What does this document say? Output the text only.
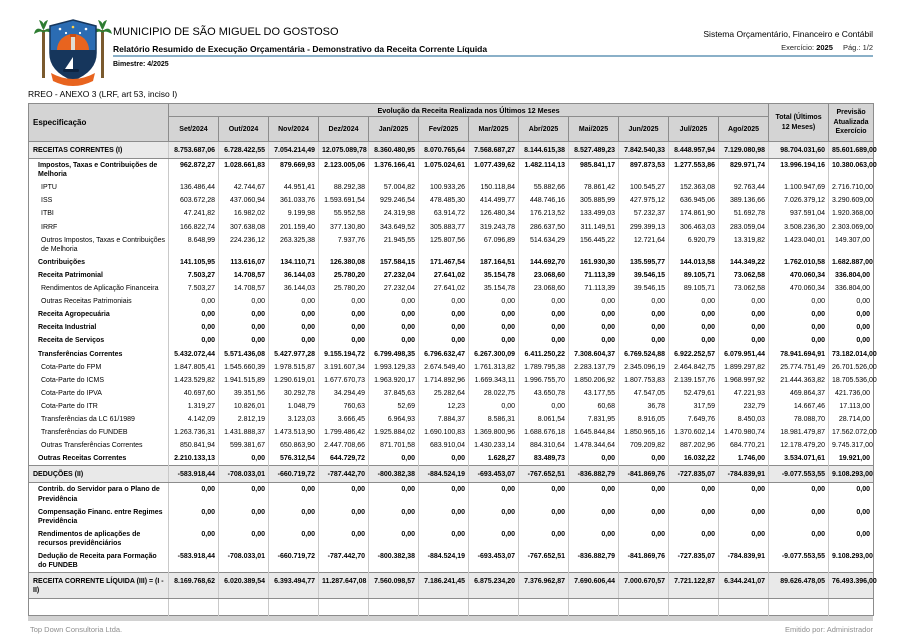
MUNICIPIO DE SÃO MIGUEL DO GOSTOSO
Relatório Resumido de Execução Orçamentária - Demonstrativo da Receita Corrente Líquida
Bimestre: 4/2025
Sistema Orçamentário, Financeiro e Contábil
Exercício: 2025 Pág.: 1/2
RREO - ANEXO 3 (LRF, art 53, inciso I)
Especificação	Evolução da Receita Realizada nos Últimos 12 Meses												Total (Últimos 12 Meses)	Previsão Atualizada Exercício
	Set/2024	Out/2024	Nov/2024	Dez/2024	Jan/2025	Fev/2025	Mar/2025	Abr/2025	Mai/2025	Jun/2025	Jul/2025	Ago/2025		
RECEITAS CORRENTES (I)	8.753.687,06	6.728.422,55	7.054.214,49	12.075.089,78	8.360.480,95	8.070.765,64	7.568.687,27	8.144.615,38	8.527.489,23	7.842.540,33	8.448.957,94	7.129.080,98	98.704.031,60	85.601.689,00
Impostos, Taxas e Contribuições de Melhoria	962.872,27	1.028.661,83	879.669,93	2.123.005,06	1.376.166,41	1.075.024,61	1.077.439,62	1.482.114,13	985.841,17	897.873,53	1.277.553,86	829.971,74	13.996.194,16	10.380.063,00
IPTU	136.486,44	42.744,67	44.951,41	88.292,38	57.004,82	100.933,26	150.118,84	55.882,66	78.861,42	100.545,27	152.363,08	92.763,44	1.100.947,69	2.716.710,00
ISS	603.672,28	437.060,94	361.033,76	1.593.691,54	929.246,54	478.485,30	414.499,77	448.746,16	305.885,99	427.975,12	636.945,06	389.136,66	7.026.379,12	3.290.609,00
ITBI	47.241,82	16.982,02	9.199,98	55.952,58	24.319,98	63.914,72	126.480,34	176.213,52	133.499,03	57.232,37	174.861,90	51.692,78	937.591,04	1.920.368,00
IRRF	166.822,74	307.638,08	201.159,40	377.130,80	343.649,52	305.883,77	319.243,78	286.637,50	311.149,51	299.399,13	306.463,03	283.059,04	3.508.236,30	2.303.069,00
Outros Impostos, Taxas e Contribuições de Melhoria	8.648,99	224.236,12	263.325,38	7.937,76	21.945,55	125.807,56	67.096,89	514.634,29	156.445,22	12.721,64	6.920,79	13.319,82	1.423.040,01	149.307,00
Contribuições	141.105,95	113.616,07	134.110,71	126.380,08	157.584,15	171.467,54	187.164,51	144.692,70	161.930,30	135.595,77	144.013,58	144.349,22	1.762.010,58	1.682.887,00
Receita Patrimonial	7.503,27	14.708,57	36.144,03	25.780,20	27.232,04	27.641,02	35.154,78	23.068,60	71.113,39	39.546,15	89.105,71	73.062,58	470.060,34	336.804,00
Rendimentos de Aplicação Financeira	7.503,27	14.708,57	36.144,03	25.780,20	27.232,04	27.641,02	35.154,78	23.068,60	71.113,39	39.546,15	89.105,71	73.062,58	470.060,34	336.804,00
Outras Receitas Patrimoniais	0,00	0,00	0,00	0,00	0,00	0,00	0,00	0,00	0,00	0,00	0,00	0,00	0,00	0,00
Receita Agropecuária	0,00	0,00	0,00	0,00	0,00	0,00	0,00	0,00	0,00	0,00	0,00	0,00	0,00	0,00
Receita Industrial	0,00	0,00	0,00	0,00	0,00	0,00	0,00	0,00	0,00	0,00	0,00	0,00	0,00	0,00
Receita de Serviços	0,00	0,00	0,00	0,00	0,00	0,00	0,00	0,00	0,00	0,00	0,00	0,00	0,00	0,00
Transferências Correntes	5.432.072,44	5.571.436,08	5.427.977,28	9.155.194,72	6.799.498,35	6.796.632,47	6.267.300,09	6.411.250,22	7.308.604,37	6.769.524,88	6.922.252,57	6.079.951,44	78.941.694,91	73.182.014,00
Cota-Parte do FPM	1.847.805,41	1.545.660,39	1.978.515,87	3.191.607,34	1.993.129,33	2.674.549,40	1.761.313,82	1.789.795,38	2.283.137,79	2.345.096,19	2.464.842,75	1.899.297,82	25.774.751,49	26.701.526,00
Cota-Parte do ICMS	1.423.529,82	1.941.515,89	1.290.619,01	1.677.670,73	1.963.920,17	1.714.892,96	1.669.343,11	1.996.755,70	1.850.206,92	1.807.753,83	2.139.157,76	1.968.997,92	21.444.363,82	18.705.536,00
Cota-Parte do IPVA	40.697,60	39.351,56	30.292,78	34.294,49	37.845,63	25.282,64	28.022,75	43.650,78	43.177,55	47.547,05	52.479,61	47.221,93	469.864,37	421.736,00
Cota-Parte do ITR	1.319,27	10.826,01	1.048,79	760,63	52,69	12,23	0,00	0,00	60,68	36,78	317,59	232,79	14.667,46	17.113,00
Transferências da LC 61/1989	4.142,09	2.812,19	3.123,03	3.666,45	6.964,93	7.884,37	8.586,31	8.061,54	7.831,95	8.916,05	7.649,76	8.450,03	78.088,70	28.714,00
Transferências do FUNDEB	1.263.736,31	1.431.888,37	1.473.513,90	1.799.486,42	1.925.884,02	1.690.100,83	1.369.800,96	1.688.676,18	1.645.844,84	1.850.965,16	1.370.602,14	1.470.980,74	18.981.479,87	17.562.072,00
Outras Transferências Correntes	850.841,94	599.381,67	650.863,90	2.447.708,66	871.701,58	683.910,04	1.430.233,14	884.310,64	1.478.344,64	709.209,82	887.202,96	684.770,21	12.178.479,20	9.745.317,00
Outras Receitas Correntes	2.210.133,13	0,00	576.312,54	644.729,72	0,00	0,00	1.628,27	83.489,73	0,00	0,00	16.032,22	1.746,00	3.534.071,61	19.921,00
DEDUÇÕES (II)	-583.918,44	-708.033,01	-660.719,72	-787.442,70	-800.382,38	-884.524,19	-693.453,07	-767.652,51	-836.882,79	-841.869,76	-727.835,07	-784.839,91	-9.077.553,55	9.108.293,00
Contrib. do Servidor para o Plano de Previdência	0,00	0,00	0,00	0,00	0,00	0,00	0,00	0,00	0,00	0,00	0,00	0,00	0,00	0,00
Compensação Financ. entre Regimes Previdência	0,00	0,00	0,00	0,00	0,00	0,00	0,00	0,00	0,00	0,00	0,00	0,00	0,00	0,00
Rendimentos de aplicações de recursos previdênciários	0,00	0,00	0,00	0,00	0,00	0,00	0,00	0,00	0,00	0,00	0,00	0,00	0,00	0,00
Dedução de Receita para Formação do FUNDEB	-583.918,44	-708.033,01	-660.719,72	-787.442,70	-800.382,38	-884.524,19	-693.453,07	-767.652,51	-836.882,79	-841.869,76	-727.835,07	-784.839,91	-9.077.553,55	9.108.293,00
RECEITA CORRENTE LÍQUIDA (III) = (I - II)	8.169.768,62	6.020.389,54	6.393.494,77	11.287.647,08	7.560.098,57	7.186.241,45	6.875.234,20	7.376.962,87	7.690.606,44	7.000.670,57	7.721.122,87	6.344.241,07	89.626.478,05	76.493.396,00

Top Down Consultoria Ltda.	Emitido por: Administrador
